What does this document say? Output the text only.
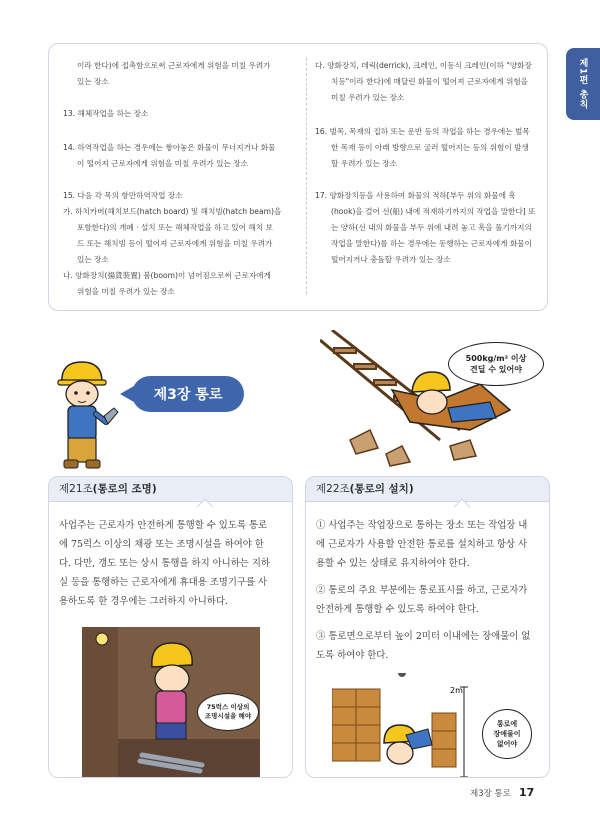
제1편 총칙
이라 한다)에 접촉함으로써 근로자에게 위험을 미칠 우려가
있는 장소
13. 해체작업을 하는 장소
14. 하역작업을 하는 경우에는 쌓아놓은 화물이 무너지거나 화물
이 떨어져 근로자에게 위험을 미칠 우려가 있는 장소
15. 다음 각 목의 항만하역작업 장소
가. 하치카버(해치보드(hatch board) 및 해치빔(hatch beam)을
포함한다)의 개폐 · 설치 또는 해체작업을 하고 있어 해치 보
드 또는 해치빔 등이 떨어져 근로자에게 위험을 미칠 우려가
있는 장소
나. 양화장치(揚貨裝置) 붐(boom)이 넘어짐으로써 근로자에게
위험을 미칠 우려가 있는 장소
다. 양화장치, 데릭(derrick), 크레인, 이동식 크레인(이하 "양화장
치등"이라 한다)에 매달린 화물이 떨어져 근로자에게 위험을
미칠 우려가 있는 장소
16. 벌목, 목재의 집하 또는 운반 등의 작업을 하는 경우에는 벌목
한 목재 등이 아래 방향으로 굴러 떨어지는 등의 위험이 발생
할 우려가 있는 장소
17. 양화장치등을 사용하여 화물의 적하[부두 위의 화물에 훅
(hook)을 걸어 선(船) 내에 적재하기까지의 작업을 말한다] 또
는 양하(선 내의 화물을 부두 위에 내려 놓고 훅을 풀기까지의
작업을 말한다)를 하는 경우에는 동행하는 근로자에게 화물이
떨어지거나 충돌할 우려가 있는 장소
제3장 통로
500kg/m² 이상
견딜 수 있어야
제21조(통로의 조명)
사업주는 근로자가 안전하게 통행할 수 있도록 통로
에 75럭스 이상의 채광 또는 조명시설을 하여야 한
다. 다만, 갱도 또는 상시 통행을 하지 아니하는 지하
실 등을 통행하는 근로자에게 휴대용 조명기구를 사
용하도록 한 경우에는 그러하지 아니하다.
75럭스 이상의
조명시설을 해야
제22조(통로의 설치)
① 사업주는 작업장으로 통하는 장소 또는 작업장 내
에 근로자가 사용할 안전한 통로를 설치하고 항상 사
용할 수 있는 상태로 유지하여야 한다.
② 통로의 주요 부분에는 통로표시를 하고, 근로자가
안전하게 통행할 수 있도록 하여야 한다.
③ 통로면으로부터 높이 2미터 이내에는 장애물이 없
도록 하여야 한다.
2m
통로에
장애물이
없어야
제3장 통로 17
